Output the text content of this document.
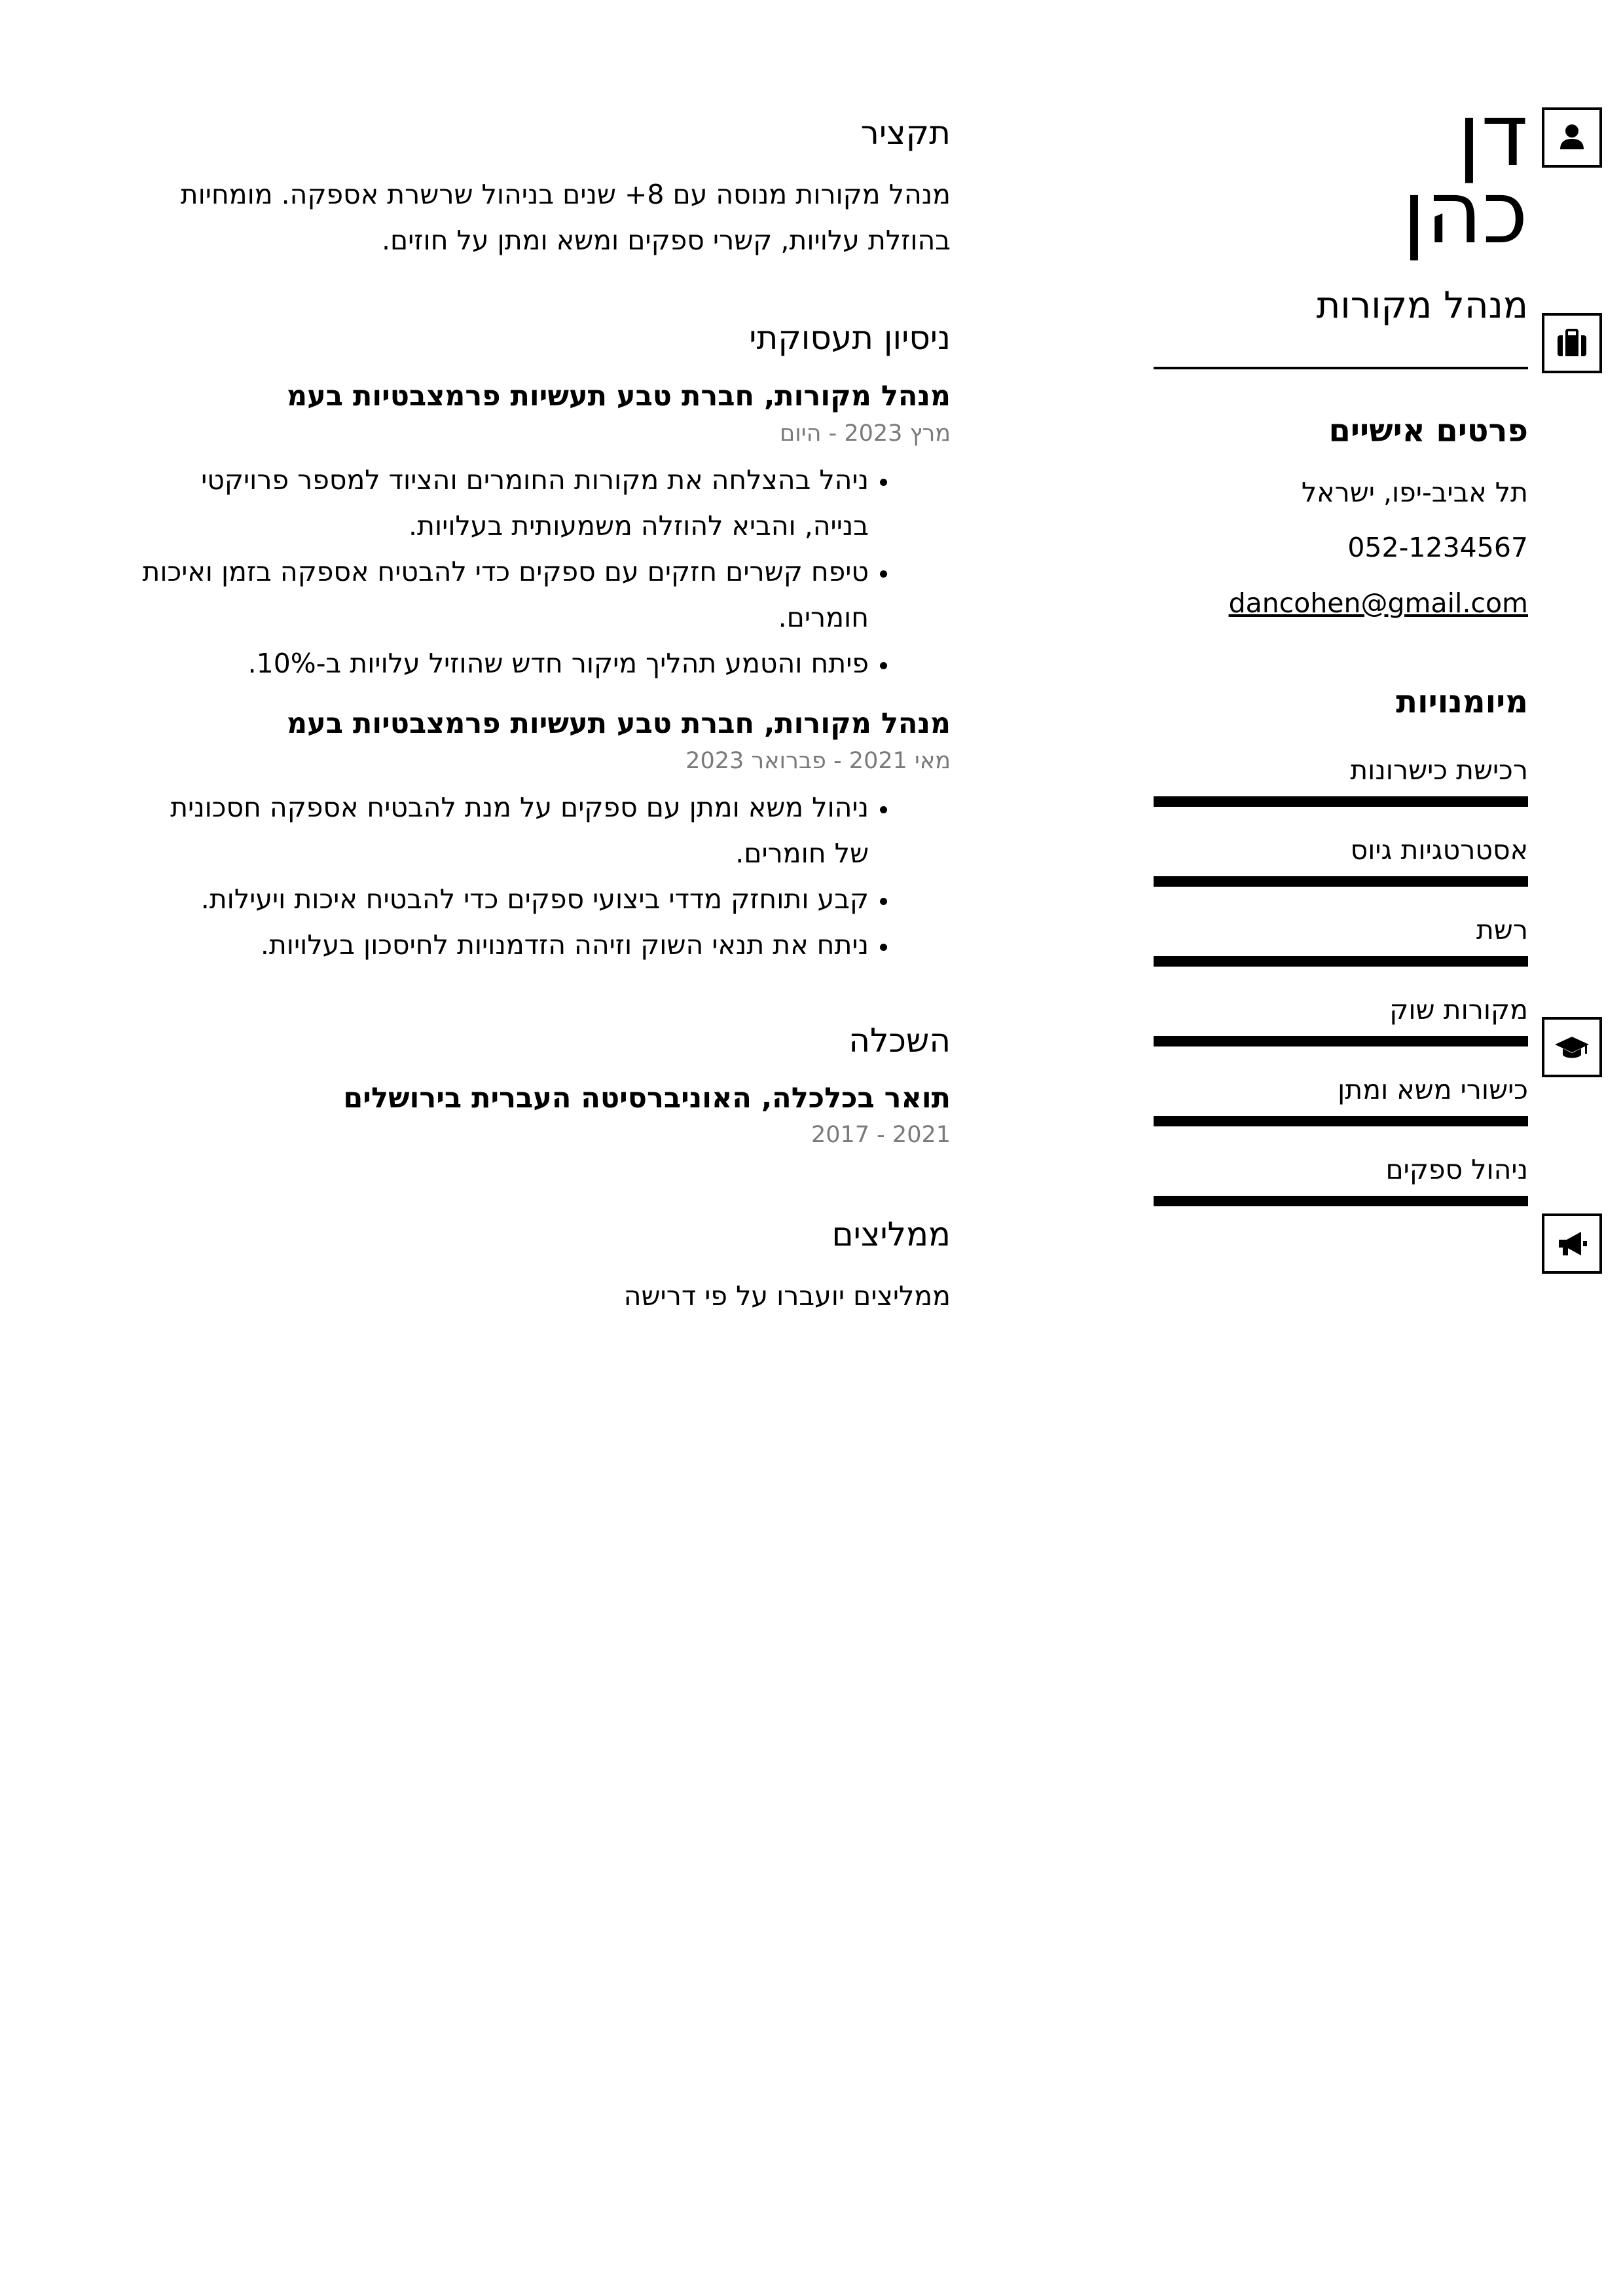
דן
כהן

מנהל מקורות

פרטים אישיים

תל אביב-יפו, ישראל

052-1234567

dancohen@gmail.com

מיומנויות
רכישת כישרונות
אסטרטגיות גיוס
רשת
מקורות שוק
כישורי משא ומתן
ניהול ספקים
תקציר

מנהל מקורות מנוסה עם 8+ שנים בניהול שרשרת אספקה. מומחיות בהוזלת עלויות, קשרי ספקים ומשא ומתן על חוזים.

ניסיון תעסוקתי

מנהל מקורות, חברת טבע תעשיות פרמצבטיות בעמ

מרץ 2023 - היום

• ניהל בהצלחה את מקורות החומרים והציוד למספר פרויקטי בנייה, והביא להוזלה משמעותית בעלויות.
• טיפח קשרים חזקים עם ספקים כדי להבטיח אספקה בזמן ואיכות חומרים.
• פיתח והטמע תהליך מיקור חדש שהוזיל עלויות ב-10%.

מנהל מקורות, חברת טבע תעשיות פרמצבטיות בעמ

מאי 2021 - פברואר 2023

• ניהול משא ומתן עם ספקים על מנת להבטיח אספקה חסכונית של חומרים.
• קבע ותוחזק מדדי ביצועי ספקים כדי להבטיח איכות ויעילות.
• ניתח את תנאי השוק וזיהה הזדמנויות לחיסכון בעלויות.
השכלה

תואר בכלכלה, האוניברסיטה העברית בירושלים

2021 - 2017

ממליצים

ממליצים יועברו על פי דרישה
